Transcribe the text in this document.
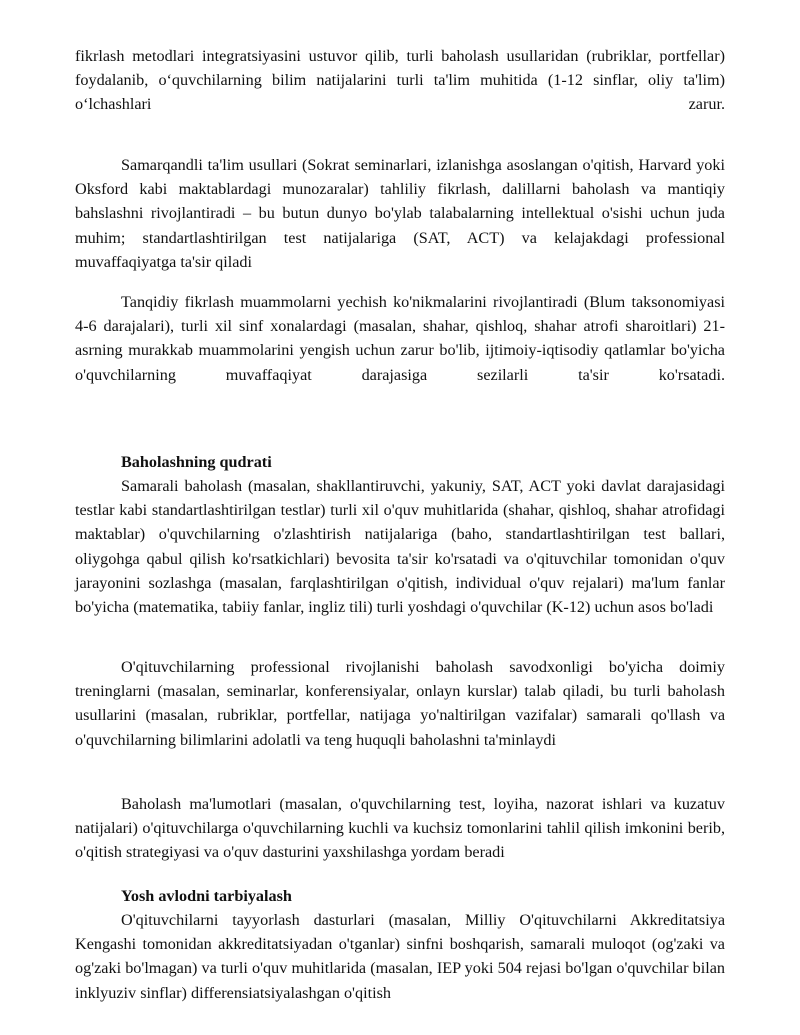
fikrlash metodlari integratsiyasini ustuvor qilib, turli baholash usullaridan (rubriklar, portfellar) foydalanib, o‘quvchilarning bilim natijalarini turli ta'lim muhitida (1-12 sinflar, oliy ta'lim) o‘lchashlari zarur.

Samarqandli ta'lim usullari (Sokrat seminarlari, izlanishga asoslangan o'qitish, Harvard yoki Oksford kabi maktablardagi munozaralar) tahliliy fikrlash, dalillarni baholash va mantiqiy bahslashni rivojlantiradi – bu butun dunyo bo'ylab talabalarning intellektual o'sishi uchun juda muhim; standartlashtirilgan test natijalariga (SAT, ACT) va kelajakdagi professional muvaffaqiyatga ta'sir qiladi

Tanqidiy fikrlash muammolarni yechish ko'nikmalarini rivojlantiradi (Blum taksonomiyasi 4-6 darajalari), turli xil sinf xonalardagi (masalan, shahar, qishloq, shahar atrofi sharoitlari) 21-asrning murakkab muammolarini yengish uchun zarur bo'lib, ijtimoiy-iqtisodiy qatlamlar bo'yicha o'quvchilarning muvaffaqiyat darajasiga sezilarli ta'sir ko'rsatadi.

Baholashning qudrati

Samarali baholash (masalan, shakllantiruvchi, yakuniy, SAT, ACT yoki davlat darajasidagi testlar kabi standartlashtirilgan testlar) turli xil o'quv muhitlarida (shahar, qishloq, shahar atrofidagi maktablar) o'quvchilarning o'zlashtirish natijalariga (baho, standartlashtirilgan test ballari, oliygohga qabul qilish ko'rsatkichlari) bevosita ta'sir ko'rsatadi va o'qituvchilar tomonidan o'quv jarayonini sozlashga (masalan, farqlashtirilgan o'qitish, individual o'quv rejalari) ma'lum fanlar bo'yicha (matematika, tabiiy fanlar, ingliz tili) turli yoshdagi o'quvchilar (K-12) uchun asos bo'ladi

O'qituvchilarning professional rivojlanishi baholash savodxonligi bo'yicha doimiy treninglarni (masalan, seminarlar, konferensiyalar, onlayn kurslar) talab qiladi, bu turli baholash usullarini (masalan, rubriklar, portfellar, natijaga yo'naltirilgan vazifalar) samarali qo'llash va o'quvchilarning bilimlarini adolatli va teng huquqli baholashni ta'minlaydi

Baholash ma'lumotlari (masalan, o'quvchilarning test, loyiha, nazorat ishlari va kuzatuv natijalari) o'qituvchilarga o'quvchilarning kuchli va kuchsiz tomonlarini tahlil qilish imkonini berib, o'qitish strategiyasi va o'quv dasturini yaxshilashga yordam beradi

Yosh avlodni tarbiyalash

O'qituvchilarni tayyorlash dasturlari (masalan, Milliy O'qituvchilarni Akkreditatsiya Kengashi tomonidan akkreditatsiyadan o'tganlar) sinfni boshqarish, samarali muloqot (og'zaki va og'zaki bo'lmagan) va turli o'quv muhitlarida (masalan, IEP yoki 504 rejasi bo'lgan o'quvchilar bilan inklyuziv sinflar) differensiatsiyalashgan o'qitish
